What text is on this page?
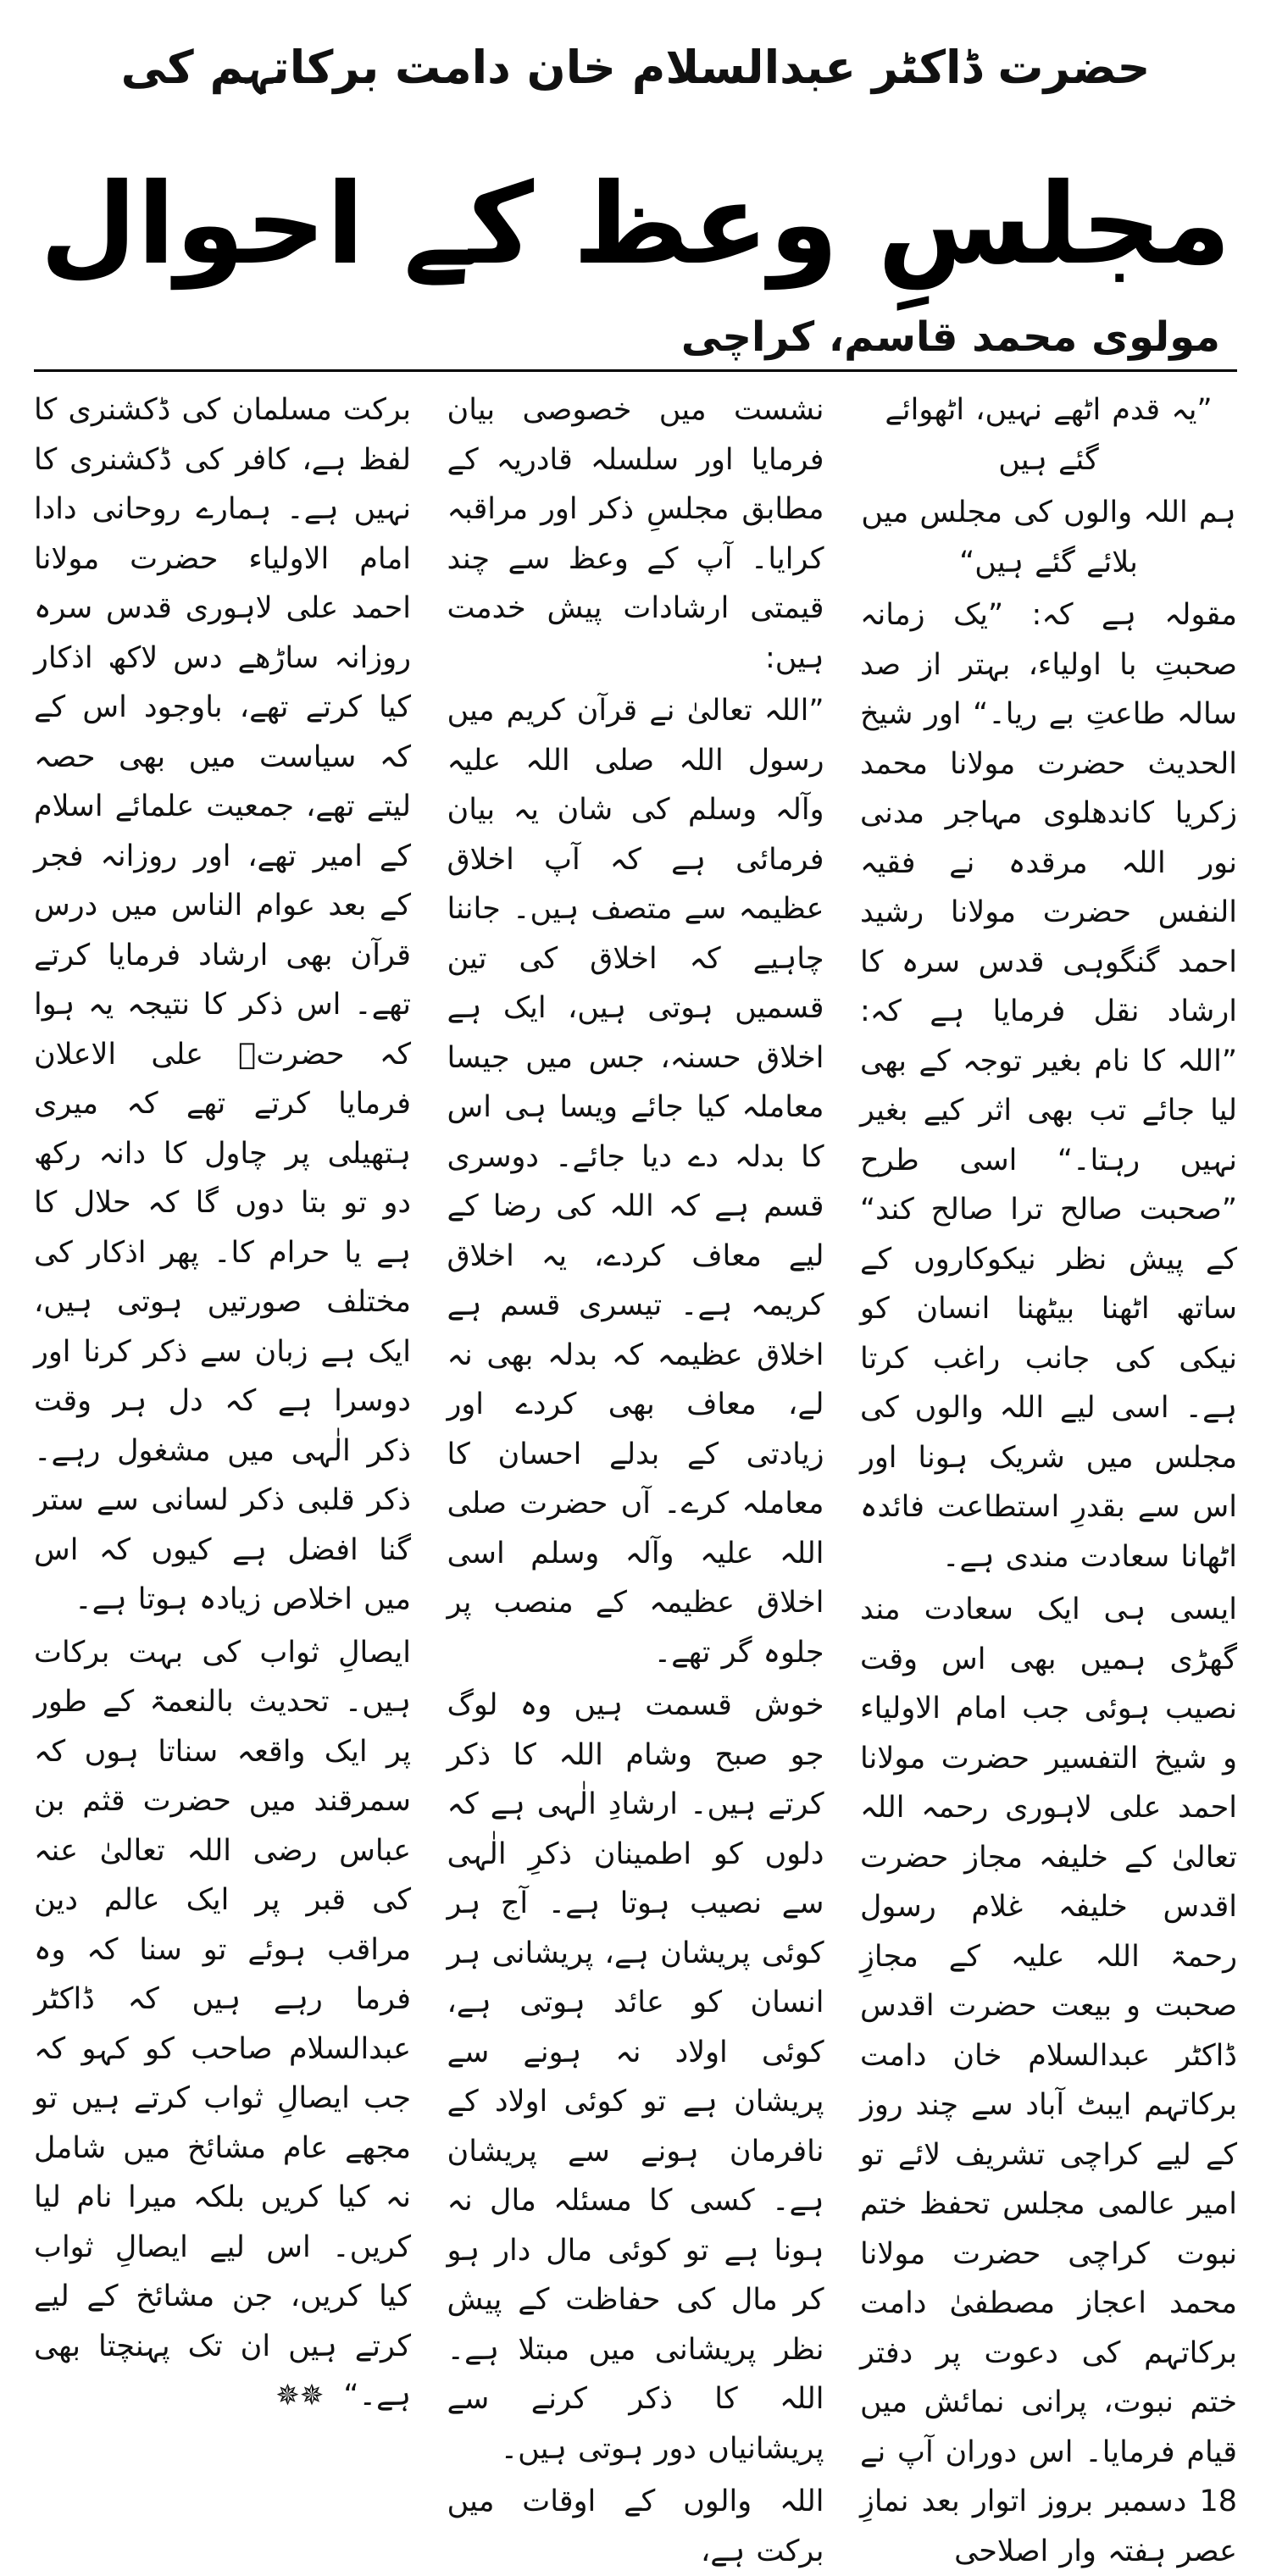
حضرت ڈاکٹر عبدالسلام خان دامت برکاتہم کی
مجلسِ وعظ کے احوال
مولوی محمد قاسم، کراچی

”یہ قدم اٹھے نہیں، اٹھوائے گئے ہیں

ہم اللہ والوں کی مجلس میں بلائے گئے ہیں“

مقولہ ہے کہ: ”یک زمانہ صحبتِ با اولیاء، بہتر از صد سالہ طاعتِ بے ریا۔“ اور شیخ الحدیث حضرت مولانا محمد زکریا کاندھلوی مہاجر مدنی نور اللہ مرقدہ نے فقیہ النفس حضرت مولانا رشید احمد گنگوہی قدس سرہ کا ارشاد نقل فرمایا ہے کہ: ”اللہ کا نام بغیر توجہ کے بھی لیا جائے تب بھی اثر کیے بغیر نہیں رہتا۔“ اسی طرح ”صحبت صالح ترا صالح کند“ کے پیش نظر نیکوکاروں کے ساتھ اٹھنا بیٹھنا انسان کو نیکی کی جانب راغب کرتا ہے۔ اسی لیے اللہ والوں کی مجلس میں شریک ہونا اور اس سے بقدرِ استطاعت فائدہ اٹھانا سعادت مندی ہے۔

ایسی ہی ایک سعادت مند گھڑی ہمیں بھی اس وقت نصیب ہوئی جب امام الاولیاء و شیخ التفسیر حضرت مولانا احمد علی لاہوری رحمہ اللہ تعالیٰ کے خلیفہ مجاز حضرت اقدس خلیفہ غلام رسول رحمۃ اللہ علیہ کے مجازِ صحبت و بیعت حضرت اقدس ڈاکٹر عبدالسلام خان دامت برکاتہم ایبٹ آباد سے چند روز کے لیے کراچی تشریف لائے تو امیر عالمی مجلس تحفظ ختم نبوت کراچی حضرت مولانا محمد اعجاز مصطفیٰ دامت برکاتہم کی دعوت پر دفتر ختم نبوت، پرانی نمائش میں قیام فرمایا۔ اس دوران آپ نے 18 دسمبر بروز اتوار بعد نمازِ عصر ہفتہ وار اصلاحی

نشست میں خصوصی بیان فرمایا اور سلسلہ قادریہ کے مطابق مجلسِ ذکر اور مراقبہ کرایا۔ آپ کے وعظ سے چند قیمتی ارشادات پیش خدمت ہیں:

”اللہ تعالیٰ نے قرآن کریم میں رسول اللہ صلی اللہ علیہ وآلہ وسلم کی شان یہ بیان فرمائی ہے کہ آپ اخلاق عظیمہ سے متصف ہیں۔ جاننا چاہیے کہ اخلاق کی تین قسمیں ہوتی ہیں، ایک ہے اخلاق حسنہ، جس میں جیسا معاملہ کیا جائے ویسا ہی اس کا بدلہ دے دیا جائے۔ دوسری قسم ہے کہ اللہ کی رضا کے لیے معاف کردے، یہ اخلاق کریمہ ہے۔ تیسری قسم ہے اخلاق عظیمہ کہ بدلہ بھی نہ لے، معاف بھی کردے اور زیادتی کے بدلے احسان کا معاملہ کرے۔ آں حضرت صلی اللہ علیہ وآلہ وسلم اسی اخلاق عظیمہ کے منصب پر جلوہ گر تھے۔

خوش قسمت ہیں وہ لوگ جو صبح وشام اللہ کا ذکر کرتے ہیں۔ ارشادِ الٰہی ہے کہ دلوں کو اطمینان ذکرِ الٰہی سے نصیب ہوتا ہے۔ آج ہر کوئی پریشان ہے، پریشانی ہر انسان کو عائد ہوتی ہے، کوئی اولاد نہ ہونے سے پریشان ہے تو کوئی اولاد کے نافرمان ہونے سے پریشان ہے۔ کسی کا مسئلہ مال نہ ہونا ہے تو کوئی مال دار ہو کر مال کی حفاظت کے پیش نظر پریشانی میں مبتلا ہے۔ اللہ کا ذکر کرنے سے پریشانیاں دور ہوتی ہیں۔

اللہ والوں کے اوقات میں برکت ہے،

برکت مسلمان کی ڈکشنری کا لفظ ہے، کافر کی ڈکشنری کا نہیں ہے۔ ہمارے روحانی دادا امام الاولیاء حضرت مولانا احمد علی لاہوری قدس سرہ روزانہ ساڑھے دس لاکھ اذکار کیا کرتے تھے، باوجود اس کے کہ سیاست میں بھی حصہ لیتے تھے، جمعیت علمائے اسلام کے امیر تھے، اور روزانہ فجر کے بعد عوام الناس میں درس قرآن بھی ارشاد فرمایا کرتے تھے۔ اس ذکر کا نتیجہ یہ ہوا کہ حضرتؒ علی الاعلان فرمایا کرتے تھے کہ میری ہتھیلی پر چاول کا دانہ رکھ دو تو بتا دوں گا کہ حلال کا ہے یا حرام کا۔ پھر اذکار کی مختلف صورتیں ہوتی ہیں، ایک ہے زبان سے ذکر کرنا اور دوسرا ہے کہ دل ہر وقت ذکر الٰہی میں مشغول رہے۔ ذکر قلبی ذکر لسانی سے ستر گنا افضل ہے کیوں کہ اس میں اخلاص زیادہ ہوتا ہے۔

ایصالِ ثواب کی بہت برکات ہیں۔ تحدیث بالنعمۃ کے طور پر ایک واقعہ سناتا ہوں کہ سمرقند میں حضرت قثم بن عباس رضی اللہ تعالیٰ عنہ کی قبر پر ایک عالم دین مراقب ہوئے تو سنا کہ وہ فرما رہے ہیں کہ ڈاکٹر عبدالسلام صاحب کو کہو کہ جب ایصالِ ثواب کرتے ہیں تو مجھے عام مشائخ میں شامل نہ کیا کریں بلکہ میرا نام لیا کریں۔ اس لیے ایصالِ ثواب کیا کریں، جن مشائخ کے لیے کرتے ہیں ان تک پہنچتا بھی ہے۔“ ✵✵
